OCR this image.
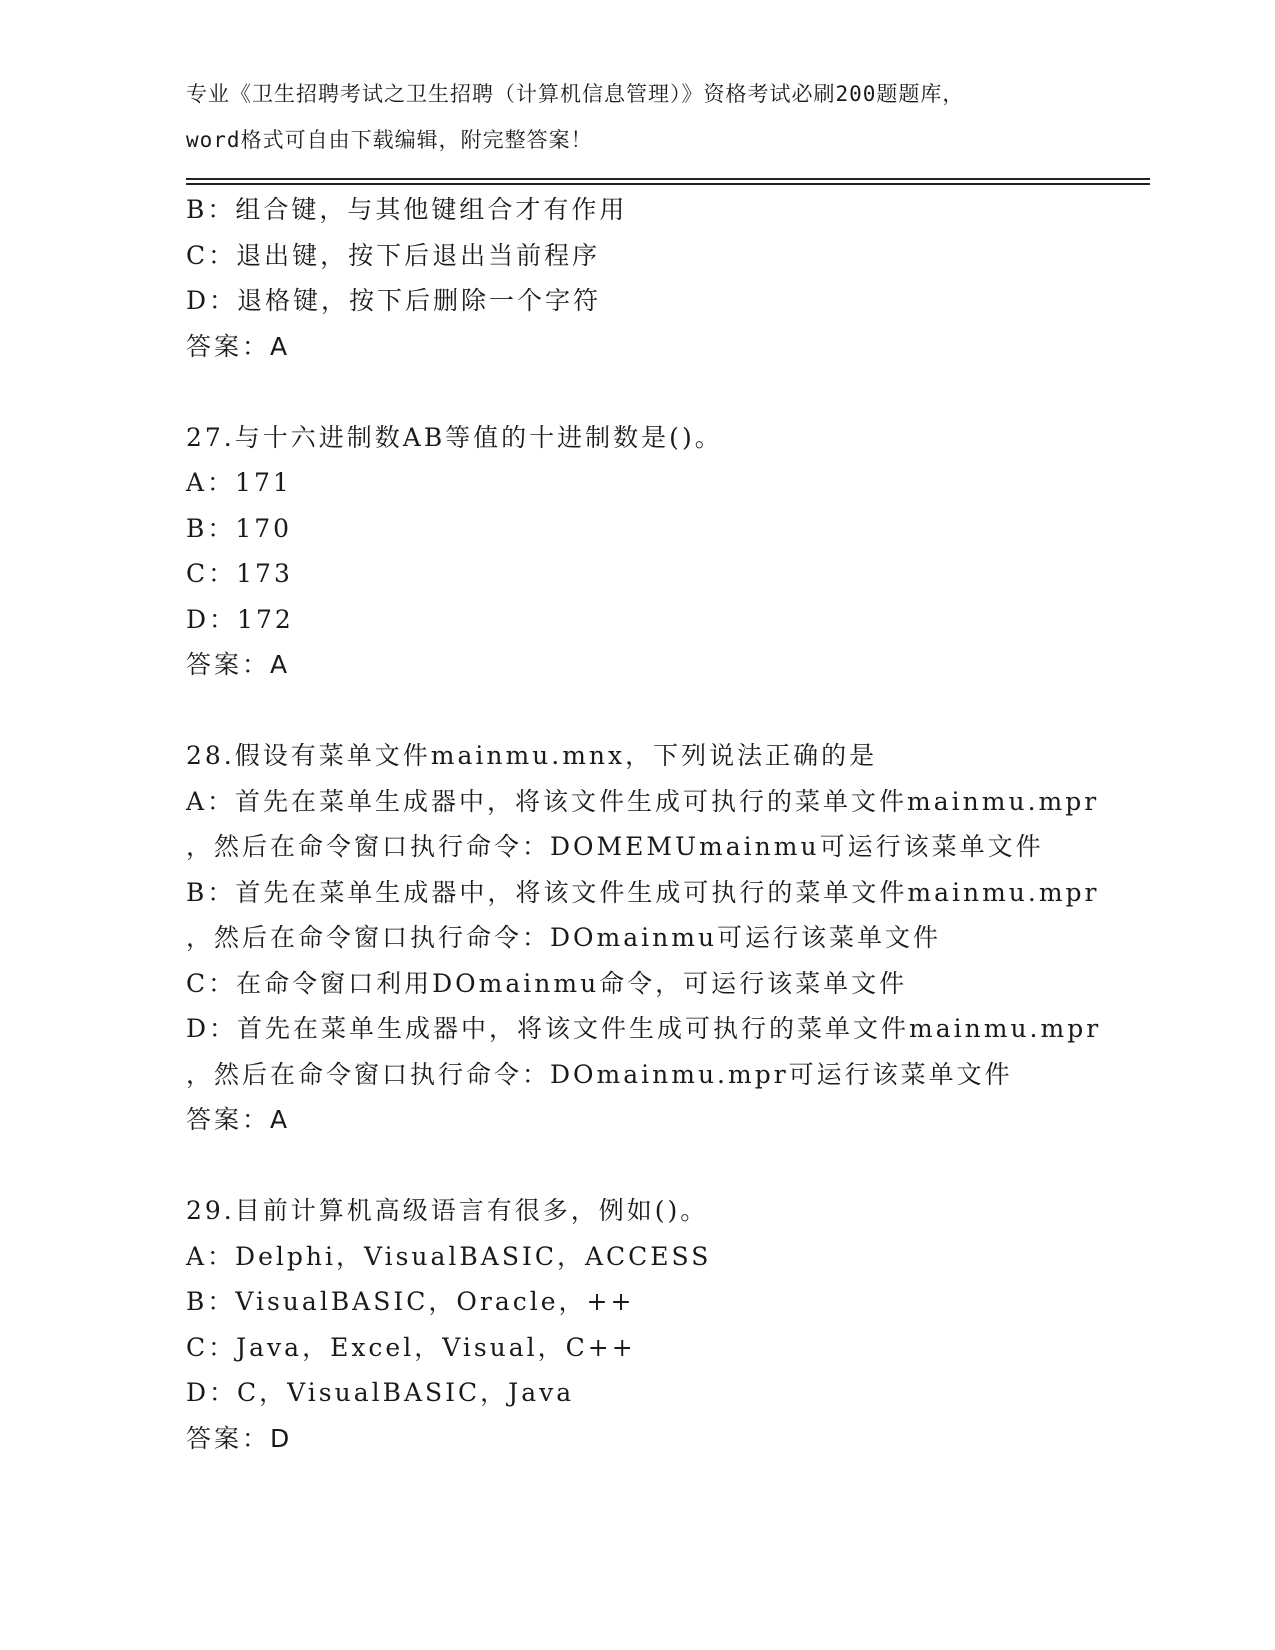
专业《卫生招聘考试之卫生招聘（计算机信息管理）》资格考试必刷200题题库，
word格式可自由下载编辑，附完整答案！
B：组合键，与其他键组合才有作用
C：退出键，按下后退出当前程序
D：退格键，按下后删除一个字符
答案：A
27.与十六进制数AB等值的十进制数是()。
A：171
B：170
C：173
D：172
答案：A
28.假设有菜单文件mainmu.mnx，下列说法正确的是
A：首先在菜单生成器中，将该文件生成可执行的菜单文件mainmu.mpr
，然后在命令窗口执行命令：DOMEMUmainmu可运行该菜单文件
B：首先在菜单生成器中，将该文件生成可执行的菜单文件mainmu.mpr
，然后在命令窗口执行命令：DOmainmu可运行该菜单文件
C：在命令窗口利用DOmainmu命令，可运行该菜单文件
D：首先在菜单生成器中，将该文件生成可执行的菜单文件mainmu.mpr
，然后在命令窗口执行命令：DOmainmu.mpr可运行该菜单文件
答案：A
29.目前计算机高级语言有很多，例如()。
A：Delphi，VisualBASIC，ACCESS
B：VisualBASIC，Oracle，++
C：Java，Excel，Visual，C++
D：C，VisualBASIC，Java
答案：D
